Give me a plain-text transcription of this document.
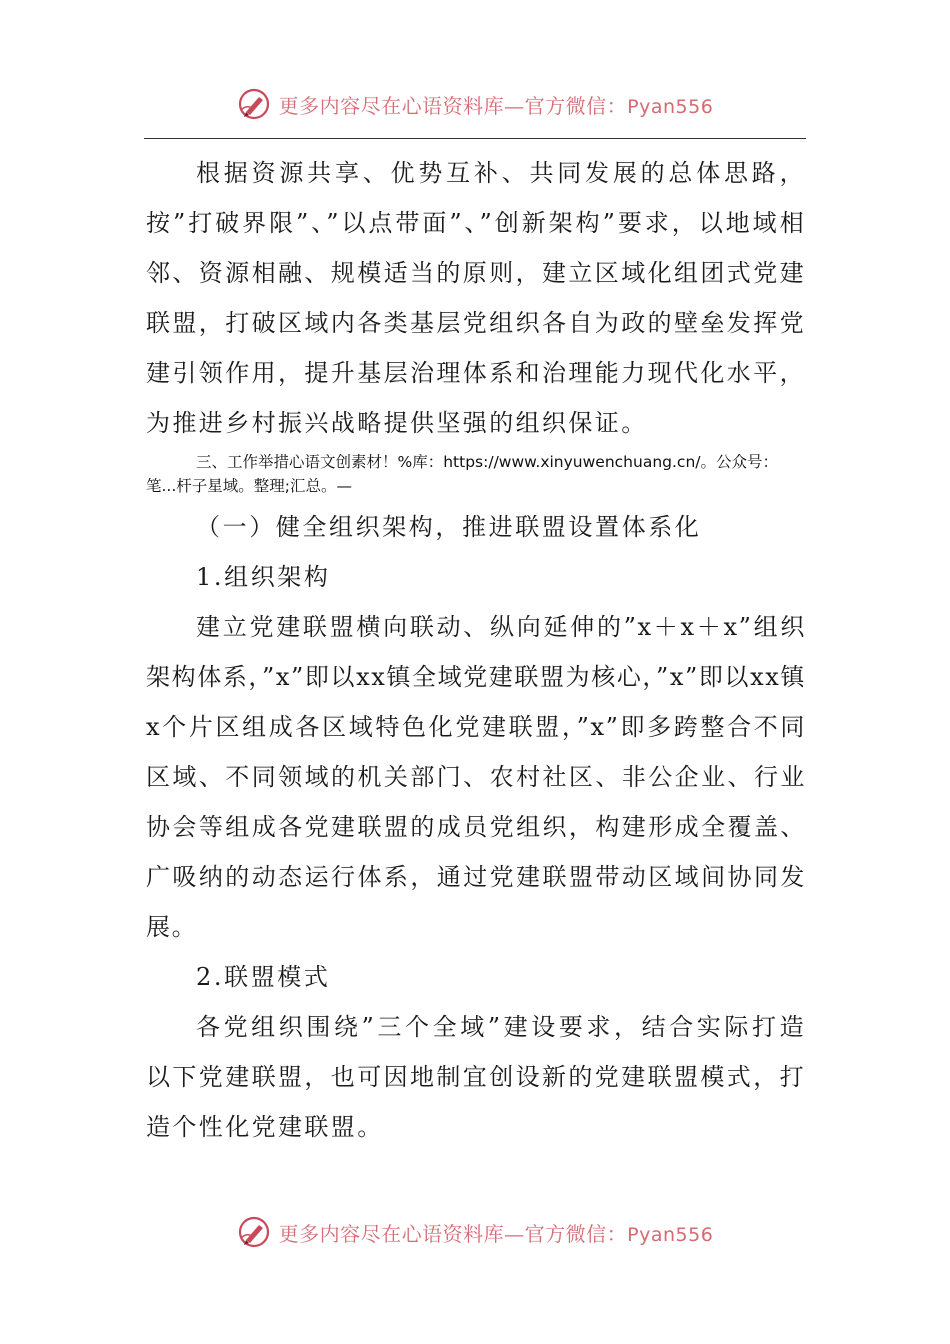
更多内容尽在心语资料库—官方微信：Pyan556

根据资源共享、优势互补、共同发展的总体思路，按”打破界限”、”以点带面”、”创新架构”要求，以地域相邻、资源相融、规模适当的原则，建立区域化组团式党建联盟，打破区域内各类基层党组织各自为政的壁垒发挥党建引领作用，提升基层治理体系和治理能力现代化水平，为推进乡村振兴战略提供坚强的组织保证。

三、工作举措心语文创素材！%库：https://www.xinyuwenchuang.cn/。公众号：笔...杆子星域。整理;汇总。—

（一）健全组织架构，推进联盟设置体系化

1.组织架构

建立党建联盟横向联动、纵向延伸的”x＋x＋x”组织架构体系，”x”即以xx镇全域党建联盟为核心，”x”即以xx镇x个片区组成各区域特色化党建联盟，”x”即多跨整合不同区域、不同领域的机关部门、农村社区、非公企业、行业协会等组成各党建联盟的成员党组织，构建形成全覆盖、广吸纳的动态运行体系，通过党建联盟带动区域间协同发展。

2.联盟模式

各党组织围绕”三个全域”建设要求，结合实际打造以下党建联盟，也可因地制宜创设新的党建联盟模式，打造个性化党建联盟。

更多内容尽在心语资料库—官方微信：Pyan556
